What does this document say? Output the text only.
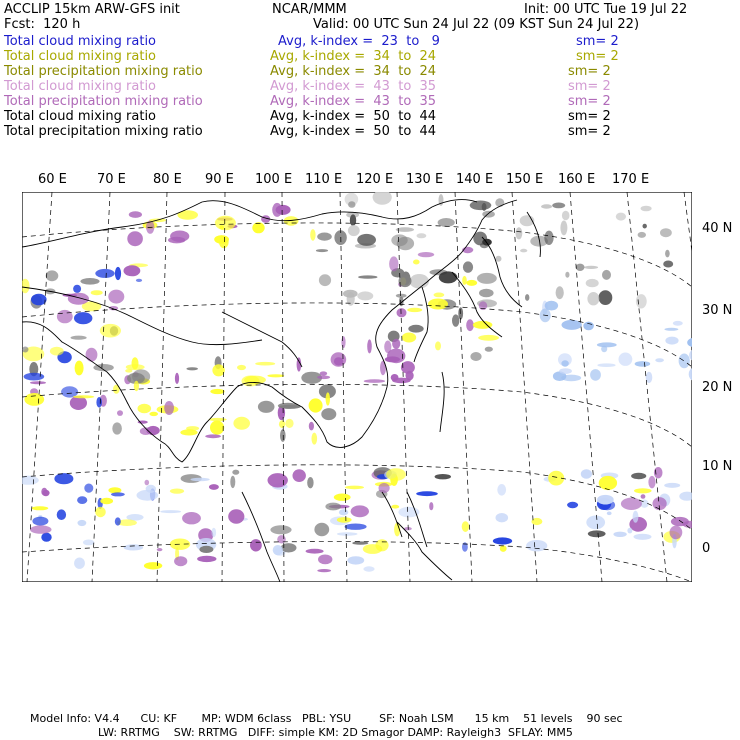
ACCLIP 15km ARW-GFS init	NCAR/MMM	Init: 00 UTC Tue 19 Jul 22
Fcst:  120 h	Valid: 00 UTC Sun 24 Jul 22 (09 KST Sun 24 Jul 22)
Total cloud mixing ratio	Avg, k-index =  23  to   9	sm= 2
Total cloud mixing ratio	Avg, k-index =  34  to  24	sm= 2
Total precipitation mixing ratio	Avg, k-index =  34  to  24	sm= 2
Total cloud mixing ratio	Avg, k-index =  43  to  35	sm= 2
Total precipitation mixing ratio	Avg, k-index =  43  to  35	sm= 2
Total cloud mixing ratio	Avg, k-index =  50  to  44	sm= 2
Total precipitation mixing ratio	Avg, k-index =  50  to  44	sm= 2
60 E 70 E 80 E 90 E 100 E 110 E 120 E 130 E 140 E 150 E 160 E 170 E
40 N
30 N
20 N
10 N
0
Model Info: V4.4      CU: KF       MP: WDM 6class   PBL: YSU        SF: Noah LSM      15 km    51 levels    90 sec
LW: RRTMG    SW: RRTMG   DIFF: simple KM: 2D Smagor DAMP: Rayleigh3  SFLAY: MM5
